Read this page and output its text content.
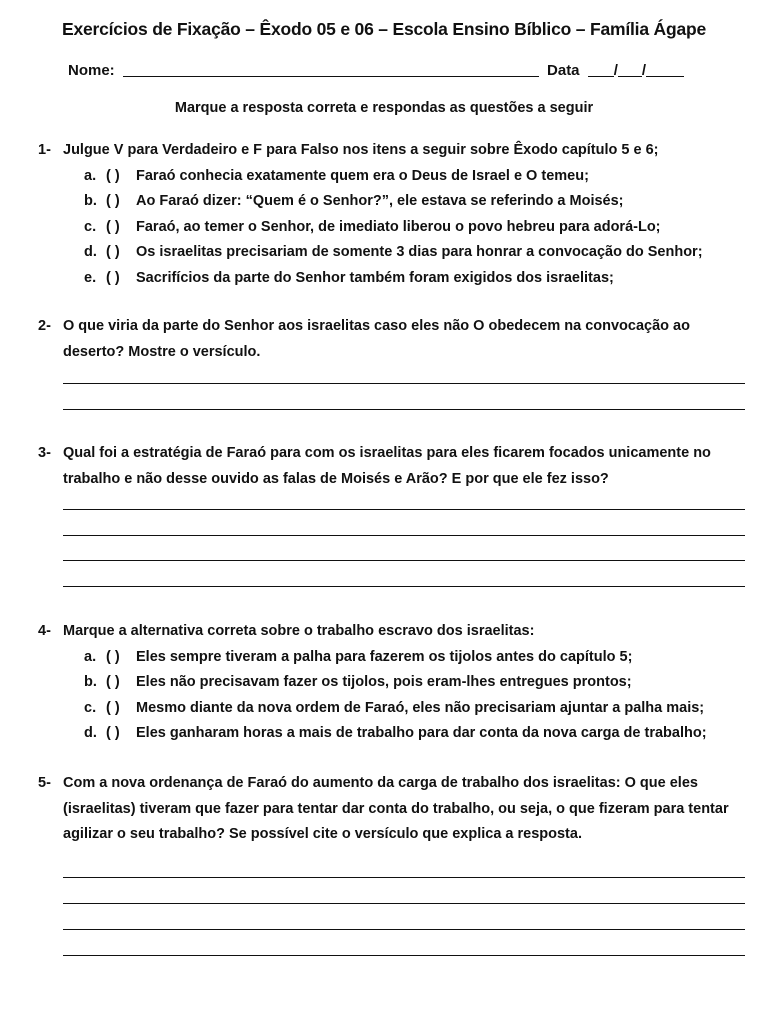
Exercícios de Fixação – Êxodo 05 e 06 – Escola Ensino Bíblico – Família Ágape
Nome:	Data / /
Marque a resposta correta e respondas as questões a seguir
1- Julgue V para Verdadeiro e F para Falso nos itens a seguir sobre Êxodo capítulo 5 e 6;
a. ( )	Faraó conhecia exatamente quem era o Deus de Israel e O temeu;
b. ( )	Ao Faraó dizer: “Quem é o Senhor?”, ele estava se referindo a Moisés;
c. ( )	Faraó, ao temer o Senhor, de imediato liberou o povo hebreu para adorá-Lo;
d. ( )	Os israelitas precisariam de somente 3 dias para honrar a convocação do Senhor;
e. ( )	Sacrifícios da parte do Senhor também foram exigidos dos israelitas;
2- O que viria da parte do Senhor aos israelitas caso eles não O obedecem na convocação ao deserto? Mostre o versículo.
3- Qual foi a estratégia de Faraó para com os israelitas para eles ficarem focados unicamente no trabalho e não desse ouvido as falas de Moisés e Arão? E por que ele fez isso?
4- Marque a alternativa correta sobre o trabalho escravo dos israelitas:
a. ( )	Eles sempre tiveram a palha para fazerem os tijolos antes do capítulo 5;
b. ( )	Eles não precisavam fazer os tijolos, pois eram-lhes entregues prontos;
c. ( )	Mesmo diante da nova ordem de Faraó, eles não precisariam ajuntar a palha mais;
d. ( )	Eles ganharam horas a mais de trabalho para dar conta da nova carga de trabalho;
5- Com a nova ordenança de Faraó do aumento da carga de trabalho dos israelitas: O que eles (israelitas) tiveram que fazer para tentar dar conta do trabalho, ou seja, o que fizeram para tentar agilizar o seu trabalho? Se possível cite o versículo que explica a resposta.
